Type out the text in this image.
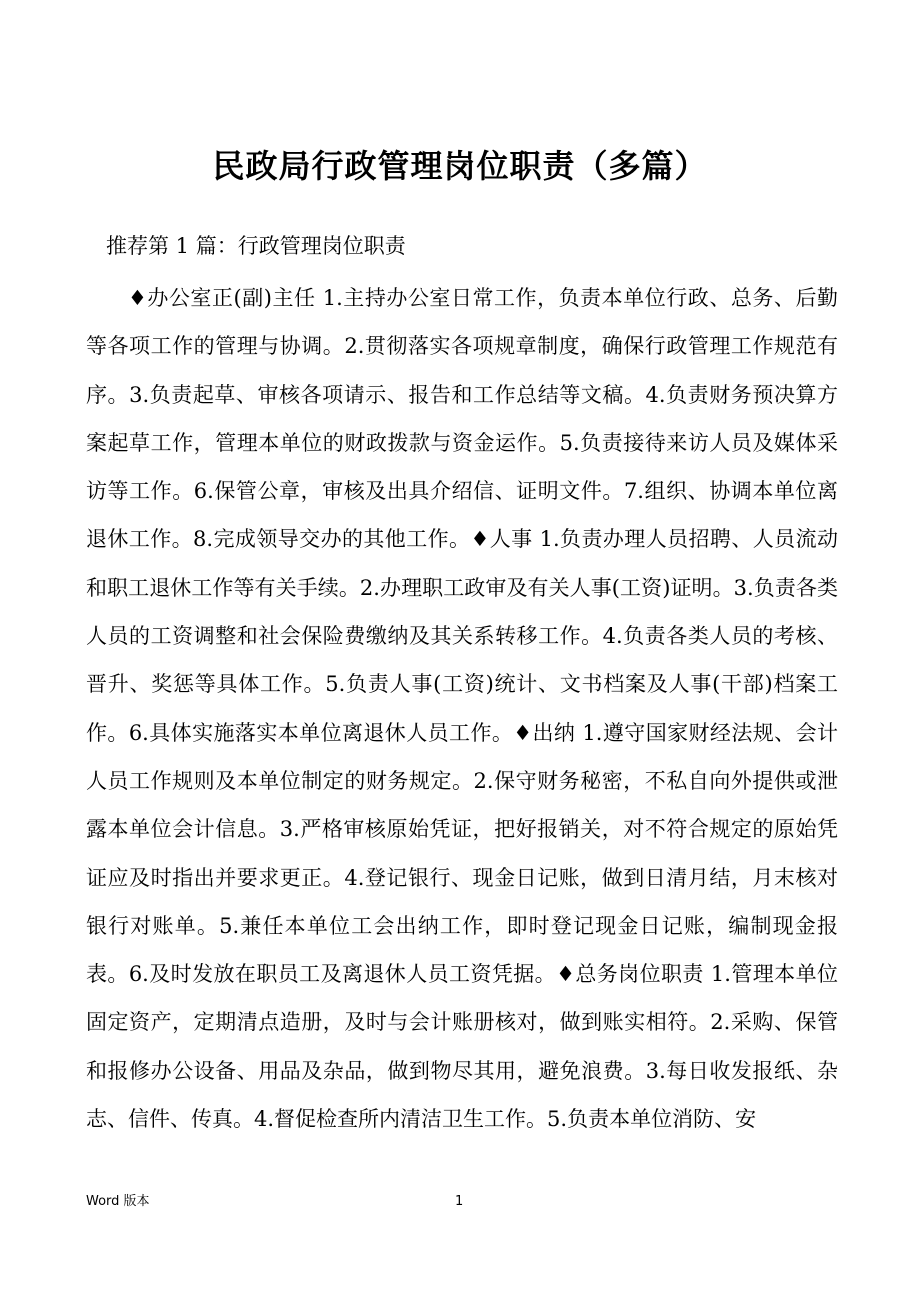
民政局行政管理岗位职责（多篇）

推荐第 1 篇：行政管理岗位职责

♦办公室正(副)主任 1.主持办公室日常工作，负责本单位行政、总务、后勤等各项工作的管理与协调。2.贯彻落实各项规章制度，确保行政管理工作规范有序。3.负责起草、审核各项请示、报告和工作总结等文稿。4.负责财务预决算方案起草工作，管理本单位的财政拨款与资金运作。5.负责接待来访人员及媒体采访等工作。6.保管公章，审核及出具介绍信、证明文件。7.组织、协调本单位离退休工作。8.完成领导交办的其他工作。♦人事 1.负责办理人员招聘、人员流动和职工退休工作等有关手续。2.办理职工政审及有关人事(工资)证明。3.负责各类人员的工资调整和社会保险费缴纳及其关系转移工作。4.负责各类人员的考核、晋升、奖惩等具体工作。5.负责人事(工资)统计、文书档案及人事(干部)档案工作。6.具体实施落实本单位离退休人员工作。♦出纳 1.遵守国家财经法规、会计人员工作规则及本单位制定的财务规定。2.保守财务秘密，不私自向外提供或泄露本单位会计信息。3.严格审核原始凭证，把好报销关，对不符合规定的原始凭证应及时指出并要求更正。4.登记银行、现金日记账，做到日清月结，月末核对银行对账单。5.兼任本单位工会出纳工作，即时登记现金日记账，编制现金报表。6.及时发放在职员工及离退休人员工资凭据。♦总务岗位职责 1.管理本单位固定资产，定期清点造册，及时与会计账册核对，做到账实相符。2.采购、保管和报修办公设备、用品及杂品，做到物尽其用，避免浪费。3.每日收发报纸、杂志、信件、传真。4.督促检查所内清洁卫生工作。5.负责本单位消防、安

Word 版本	1
